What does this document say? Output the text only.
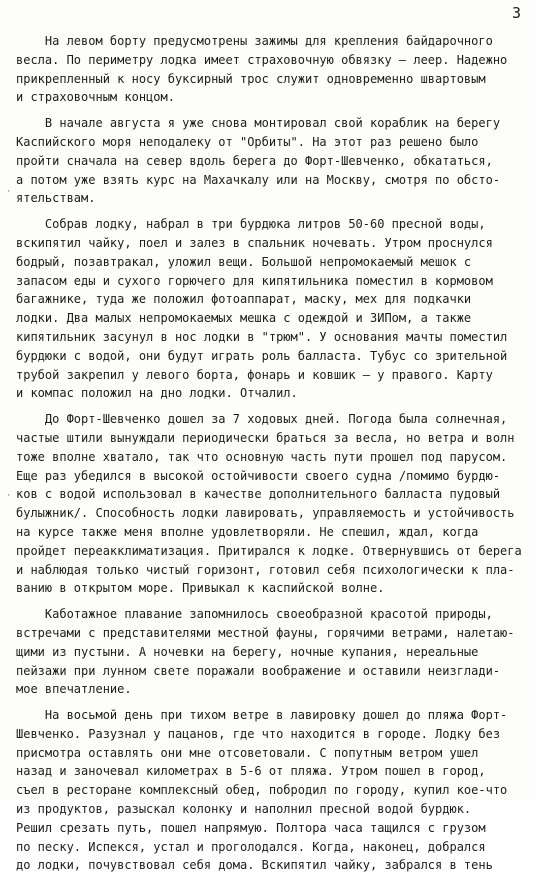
3
·
·
На левом борту предусмотрены зажимы для крепления байдарочного
весла. По периметру лодка имеет страховочную обвязку – леер. Надежно
прикрепленный к носу буксирный трос служит одновременно швартовым
и страховочным концом.
В начале августа я уже снова монтировал свой кораблик на берегу
Каспийского моря неподалеку от "Орбиты". На этот раз решено было
пройти сначала на север вдоль берега до Форт-Шевченко, обкататься,
а потом уже взять курс на Махачкалу или на Москву, смотря по обсто-
ятельствам.
Собрав лодку, набрал в три бурдюка литров 50-60 пресной воды,
вскипятил чайку, поел и залез в спальник ночевать. Утром проснулся
бодрый, позавтракал, уложил вещи. Большой непромокаемый мешок с
запасом еды и сухого горючего для кипятильника поместил в кормовом
багажнике, туда же положил фотоаппарат, маску, мех для подкачки
лодки. Два малых непромокаемых мешка с одеждой и ЗИПом, а также
кипятильник засунул в нос лодки в "трюм". У основания мачты поместил
бурдюки с водой, они будут играть роль балласта. Тубус со зрительной
трубой закрепил у левого борта, фонарь и ковшик – у правого. Карту
и компас положил на дно лодки. Отчалил.
До Форт-Шевченко дошел за 7 ходовых дней. Погода была солнечная,
частые штили вынуждали периодически браться за весла, но ветра и волн
тоже вполне хватало, так что основную часть пути прошел под парусом.
Еще раз убедился в высокой остойчивости своего судна /помимо бурдю-
ков с водой использовал в качестве дополнительного балласта пудовый
булыжник/. Способность лодки лавировать, управляемость и устойчивость
на курсе также меня вполне удовлетворяли. Не спешил, ждал, когда
пройдет переакклиматизация. Притирался к лодке. Отвернувшись от берега
и наблюдая только чистый горизонт, готовил себя психологически к пла-
ванию в открытом море. Привыкал к каспийской волне.
Каботажное плавание запомнилось своеобразной красотой природы,
встречами с представителями местной фауны, горячими ветрами, налетаю-
щими из пустыни. А ночевки на берегу, ночные купания, нереальные
пейзажи при лунном свете поражали воображение и оставили неизглади-
мое впечатление.
На восьмой день при тихом ветре в лавировку дошел до пляжа Форт-
Шевченко. Разузнал у пацанов, где что находится в городе. Лодку без
присмотра оставлять они мне отсоветовали. С попутным ветром ушел
назад и заночевал километрах в 5-6 от пляжа. Утром пошел в город,
съел в ресторане комплексный обед, побродил по городу, купил кое-что
из продуктов, разыскал колонку и наполнил пресной водой бурдюк.
Решил срезать путь, пошел напрямую. Полтора часа тащился с грузом
по песку. Испекся, устал и проголодался. Когда, наконец, добрался
до лодки, почувствовал себя дома. Вскипятил чайку, забрался в тень
